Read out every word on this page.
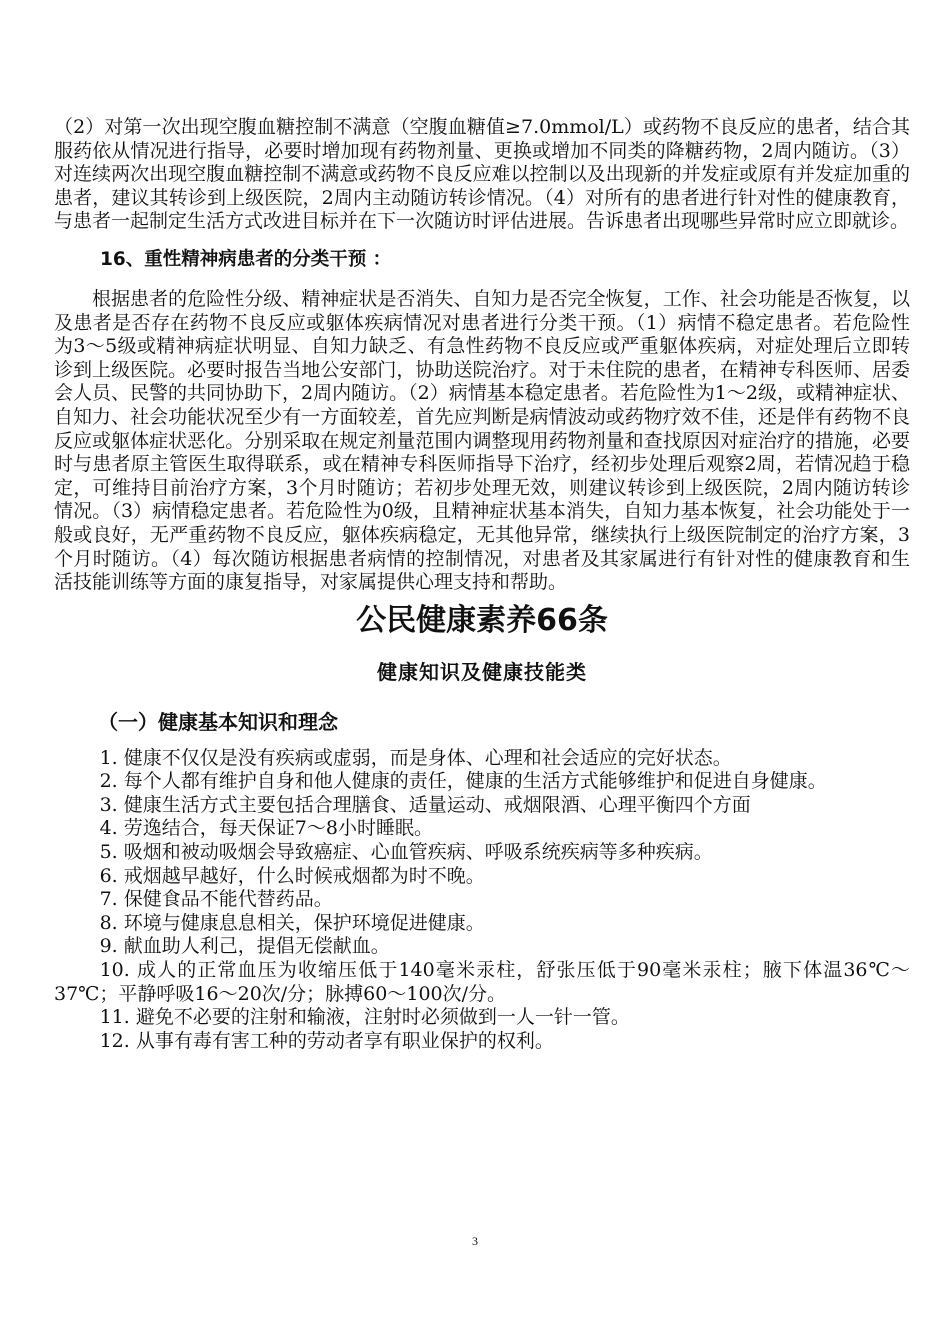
（2）对第一次出现空腹血糖控制不满意（空腹血糖值≥7.0mmol/L）或药物不良反应的患者，结合其服药依从情况进行指导，必要时增加现有药物剂量、更换或增加不同类的降糖药物，2周内随访。（3）对连续两次出现空腹血糖控制不满意或药物不良反应难以控制以及出现新的并发症或原有并发症加重的患者，建议其转诊到上级医院，2周内主动随访转诊情况。（4）对所有的患者进行针对性的健康教育，与患者一起制定生活方式改进目标并在下一次随访时评估进展。告诉患者出现哪些异常时应立即就诊。

16、重性精神病患者的分类干预 ：

根据患者的危险性分级、精神症状是否消失、自知力是否完全恢复，工作、社会功能是否恢复，以及患者是否存在药物不良反应或躯体疾病情况对患者进行分类干预。（1）病情不稳定患者。若危险性为3～5级或精神病症状明显、自知力缺乏、有急性药物不良反应或严重躯体疾病，对症处理后立即转诊到上级医院。必要时报告当地公安部门，协助送院治疗。对于未住院的患者，在精神专科医师、居委会人员、民警的共同协助下，2周内随访。（2）病情基本稳定患者。若危险性为1～2级，或精神症状、自知力、社会功能状况至少有一方面较差，首先应判断是病情波动或药物疗效不佳，还是伴有药物不良反应或躯体症状恶化。分别采取在规定剂量范围内调整现用药物剂量和查找原因对症治疗的措施，必要时与患者原主管医生取得联系，或在精神专科医师指导下治疗，经初步处理后观察2周，若情况趋于稳定，可维持目前治疗方案，3个月时随访；若初步处理无效，则建议转诊到上级医院，2周内随访转诊情况。（3）病情稳定患者。若危险性为0级，且精神症状基本消失，自知力基本恢复，社会功能处于一般或良好，无严重药物不良反应，躯体疾病稳定，无其他异常，继续执行上级医院制定的治疗方案，3个月时随访。（4）每次随访根据患者病情的控制情况，对患者及其家属进行有针对性的健康教育和生活技能训练等方面的康复指导，对家属提供心理支持和帮助。

公民健康素养66条
健康知识及健康技能类
（一）健康基本知识和理念

1. 健康不仅仅是没有疾病或虚弱，而是身体、心理和社会适应的完好状态。

2. 每个人都有维护自身和他人健康的责任，健康的生活方式能够维护和促进自身健康。

3. 健康生活方式主要包括合理膳食、适量运动、戒烟限酒、心理平衡四个方面

4. 劳逸结合，每天保证7～8小时睡眠。

5. 吸烟和被动吸烟会导致癌症、心血管疾病、呼吸系统疾病等多种疾病。

6. 戒烟越早越好，什么时候戒烟都为时不晚。

7. 保健食品不能代替药品。

8. 环境与健康息息相关，保护环境促进健康。

9. 献血助人利己，提倡无偿献血。

10. 成人的正常血压为收缩压低于140毫米汞柱，舒张压低于90毫米汞柱；腋下体温36℃～37℃；平静呼吸16～20次/分；脉搏60～100次/分。

11. 避免不必要的注射和输液，注射时必须做到一人一针一管。

12. 从事有毒有害工种的劳动者享有职业保护的权利。

3
